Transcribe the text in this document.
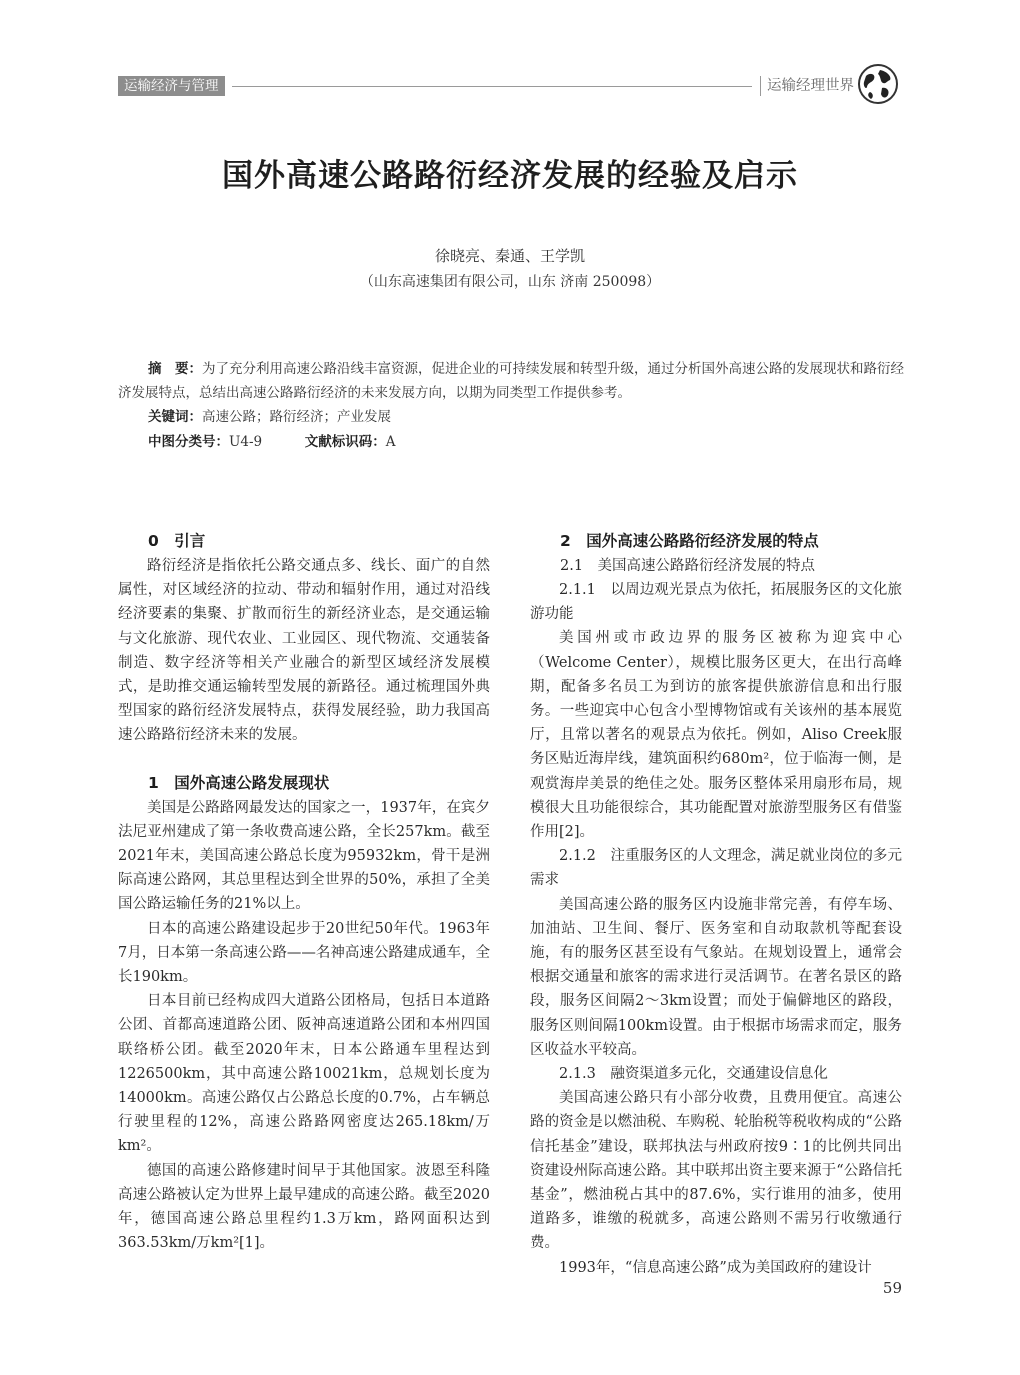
运输经济与管理	运输经理世界
国外高速公路路衍经济发展的经验及启示
徐晓亮、秦通、王学凯
（山东高速集团有限公司，山东 济南 250098）

摘　要：为了充分利用高速公路沿线丰富资源，促进企业的可持续发展和转型升级，通过分析国外高速公路的发展现状和路衍经济发展特点，总结出高速公路路衍经济的未来发展方向，以期为同类型工作提供参考。

关键词：高速公路；路衍经济；产业发展
中图分类号：U4-9	文献标识码：A
0　引言

路衍经济是指依托公路交通点多、线长、面广的自然属性，对区域经济的拉动、带动和辐射作用，通过对沿线经济要素的集聚、扩散而衍生的新经济业态，是交通运输与文化旅游、现代农业、工业园区、现代物流、交通装备制造、数字经济等相关产业融合的新型区域经济发展模式，是助推交通运输转型发展的新路径。通过梳理国外典型国家的路衍经济发展特点，获得发展经验，助力我国高速公路路衍经济未来的发展。

1　国外高速公路发展现状

美国是公路路网最发达的国家之一，1937年，在宾夕法尼亚州建成了第一条收费高速公路，全长257km。截至2021年末，美国高速公路总长度为95932km，骨干是洲际高速公路网，其总里程达到全世界的50%，承担了全美国公路运输任务的21%以上。

日本的高速公路建设起步于20世纪50年代。1963年7月，日本第一条高速公路——名神高速公路建成通车，全长190km。

日本目前已经构成四大道路公团格局，包括日本道路公团、首都高速道路公团、阪神高速道路公团和本州四国联络桥公团。截至2020年末，日本公路通车里程达到1226500km，其中高速公路10021km，总规划长度为14000km。高速公路仅占公路总长度的0.7%，占车辆总行驶里程的12%，高速公路路网密度达265.18km/万km²。

德国的高速公路修建时间早于其他国家。波恩至科隆高速公路被认定为世界上最早建成的高速公路。截至2020年，德国高速公路总里程约1.3万km，路网面积达到363.53km/万km²[1]。

2　国外高速公路路衍经济发展的特点
2.1　美国高速公路路衍经济发展的特点

2.1.1　以周边观光景点为依托，拓展服务区的文化旅游功能

美国州或市政边界的服务区被称为迎宾中心（Welcome Center），规模比服务区更大，在出行高峰期，配备多名员工为到访的旅客提供旅游信息和出行服务。一些迎宾中心包含小型博物馆或有关该州的基本展览厅，且常以著名的观景点为依托。例如，Aliso Creek服务区贴近海岸线，建筑面积约680m²，位于临海一侧，是观赏海岸美景的绝佳之处。服务区整体采用扇形布局，规模很大且功能很综合，其功能配置对旅游型服务区有借鉴作用[2]。

2.1.2　注重服务区的人文理念，满足就业岗位的多元需求

美国高速公路的服务区内设施非常完善，有停车场、加油站、卫生间、餐厅、医务室和自动取款机等配套设施，有的服务区甚至设有气象站。在规划设置上，通常会根据交通量和旅客的需求进行灵活调节。在著名景区的路段，服务区间隔2～3km设置；而处于偏僻地区的路段，服务区则间隔100km设置。由于根据市场需求而定，服务区收益水平较高。

2.1.3　融资渠道多元化，交通建设信息化

美国高速公路只有小部分收费，且费用便宜。高速公路的资金是以燃油税、车购税、轮胎税等税收构成的“公路信托基金”建设，联邦执法与州政府按9∶1的比例共同出资建设州际高速公路。其中联邦出资主要来源于“公路信托基金”，燃油税占其中的87.6%，实行谁用的油多，使用道路多，谁缴的税就多，高速公路则不需另行收缴通行费。

1993年，“信息高速公路”成为美国政府的建设计

59
